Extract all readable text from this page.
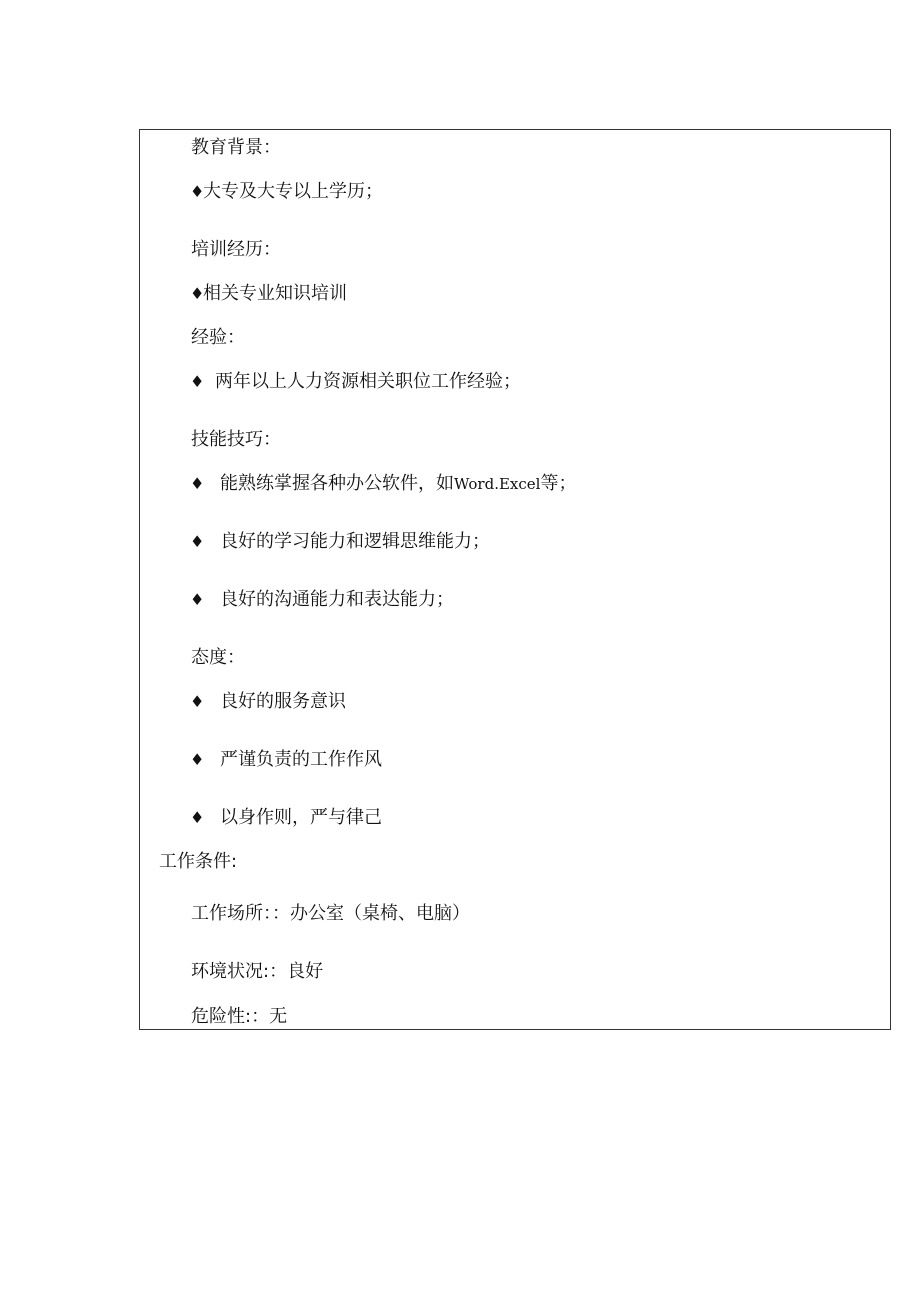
教育背景：
♦
大专及大专以上学历；
培训经历：
♦
相关专业知识培训
经验：
♦ 两年以上人力资源相关职位工作经验；
技能技巧：
♦ 能熟练掌握各种办公软件，如Word.Excel等；
♦ 良好的学习能力和逻辑思维能力；
♦ 良好的沟通能力和表达能力；
态度：
♦ 良好的服务意识
♦ 严谨负责的工作作风
♦ 以身作则，严与律己
工作条件:
工作场所：：办公室（桌椅、电脑）
环境状况:：良好
危险性:：无
